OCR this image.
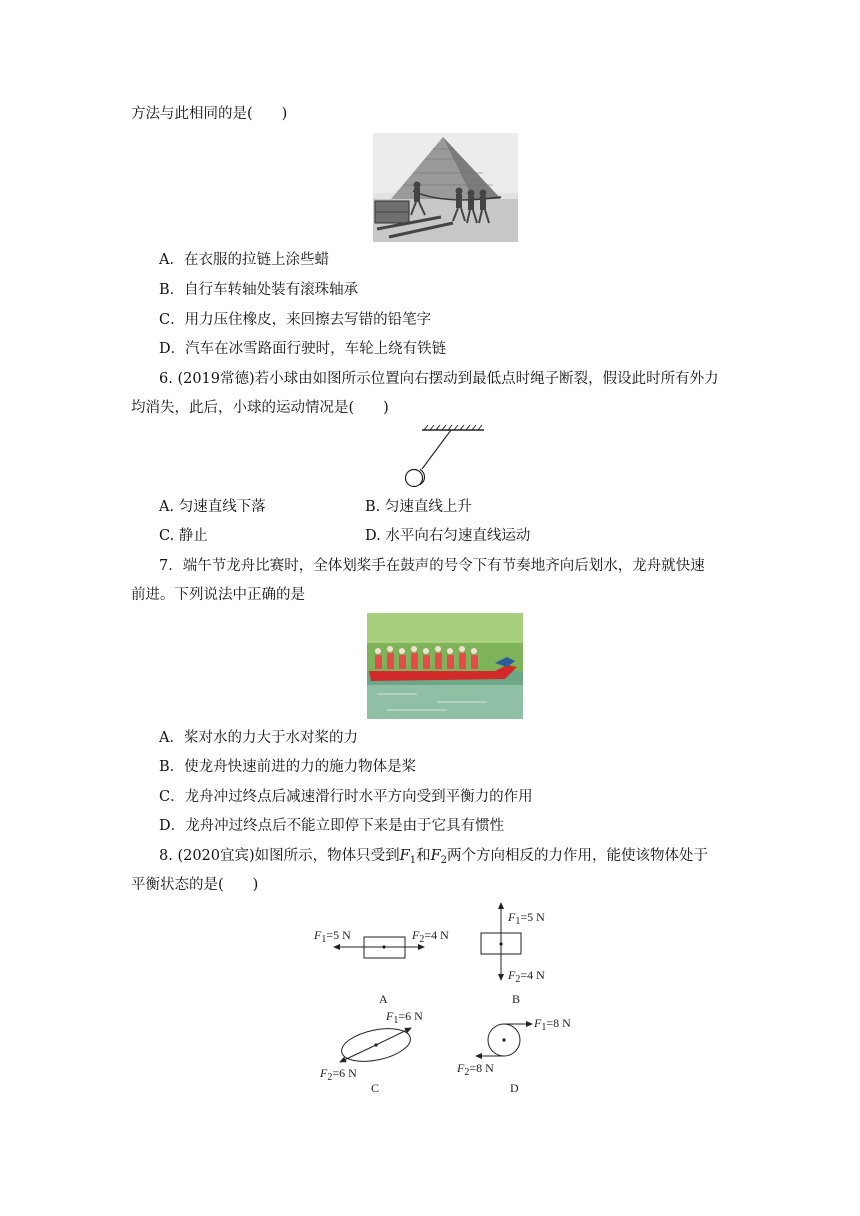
方法与此相同的是(　　)
A．在衣服的拉链上涂些蜡
B．自行车转轴处装有滚珠轴承
C．用力压住橡皮，来回擦去写错的铅笔字
D．汽车在冰雪路面行驶时，车轮上绕有铁链
6. (2019常德)若小球由如图所示位置向右摆动到最低点时绳子断裂，假设此时所有外力
均消失，此后，小球的运动情况是(　　)
A. 匀速直线下落	B. 匀速直线上升
C. 静止	D. 水平向右匀速直线运动
7．端午节龙舟比赛时，全体划桨手在鼓声的号令下有节奏地齐向后划水，龙舟就快速
前进。下列说法中正确的是
A．桨对水的力大于水对桨的力
B．使龙舟快速前进的力的施力物体是桨
C．龙舟冲过终点后减速滑行时水平方向受到平衡力的作用
D．龙舟冲过终点后不能立即停下来是由于它具有惯性
8. (2020宜宾)如图所示，物体只受到$F_1$和$F_2$两个方向相反的力作用，能使该物体处于
平衡状态的是(　　)
$F_1=5$ N	$F_2=4$ N
A
$F_1=5$ N
$F_2=4$ N
B
$F_1=6$ N
$F_2=6$ N
C
$F_1=8$ N
$F_2=8$ N
D
